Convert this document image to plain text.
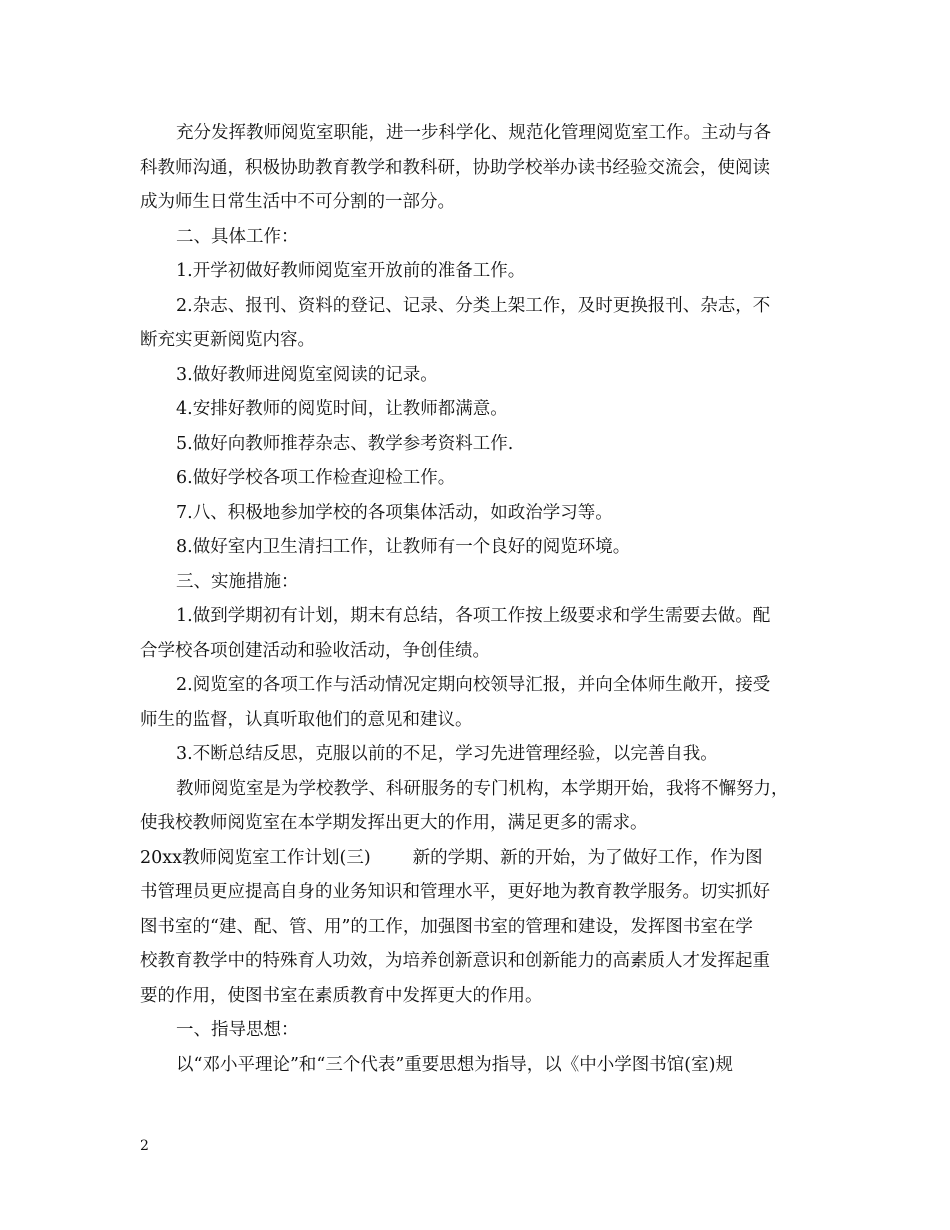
充分发挥教师阅览室职能，进一步科学化、规范化管理阅览室工作。主动与各
科教师沟通，积极协助教育教学和教科研，协助学校举办读书经验交流会，使阅读
成为师生日常生活中不可分割的一部分。
二、具体工作：
1.开学初做好教师阅览室开放前的准备工作。
2.杂志、报刊、资料的登记、记录、分类上架工作，及时更换报刊、杂志，不
断充实更新阅览内容。
3.做好教师进阅览室阅读的记录。
4.安排好教师的阅览时间，让教师都满意。
5.做好向教师推荐杂志、教学参考资料工作.
6.做好学校各项工作检查迎检工作。
7.八、积极地参加学校的各项集体活动，如政治学习等。
8.做好室内卫生清扫工作，让教师有一个良好的阅览环境。
三、实施措施：
1.做到学期初有计划，期末有总结，各项工作按上级要求和学生需要去做。配
合学校各项创建活动和验收活动，争创佳绩。
2.阅览室的各项工作与活动情况定期向校领导汇报，并向全体师生敞开，接受
师生的监督，认真听取他们的意见和建议。
3.不断总结反思，克服以前的不足，学习先进管理经验，以完善自我。
教师阅览室是为学校教学、科研服务的专门机构，本学期开始，我将不懈努力，
使我校教师阅览室在本学期发挥出更大的作用，满足更多的需求。
20xx教师阅览室工作计划(三) 新的学期、新的开始，为了做好工作，作为图
书管理员更应提高自身的业务知识和管理水平，更好地为教育教学服务。切实抓好
图书室的“建、配、管、用”的工作，加强图书室的管理和建设，发挥图书室在学
校教育教学中的特殊育人功效，为培养创新意识和创新能力的高素质人才发挥起重
要的作用，使图书室在素质教育中发挥更大的作用。
一、指导思想：
以“邓小平理论”和“三个代表”重要思想为指导，以《中小学图书馆(室)规
2
